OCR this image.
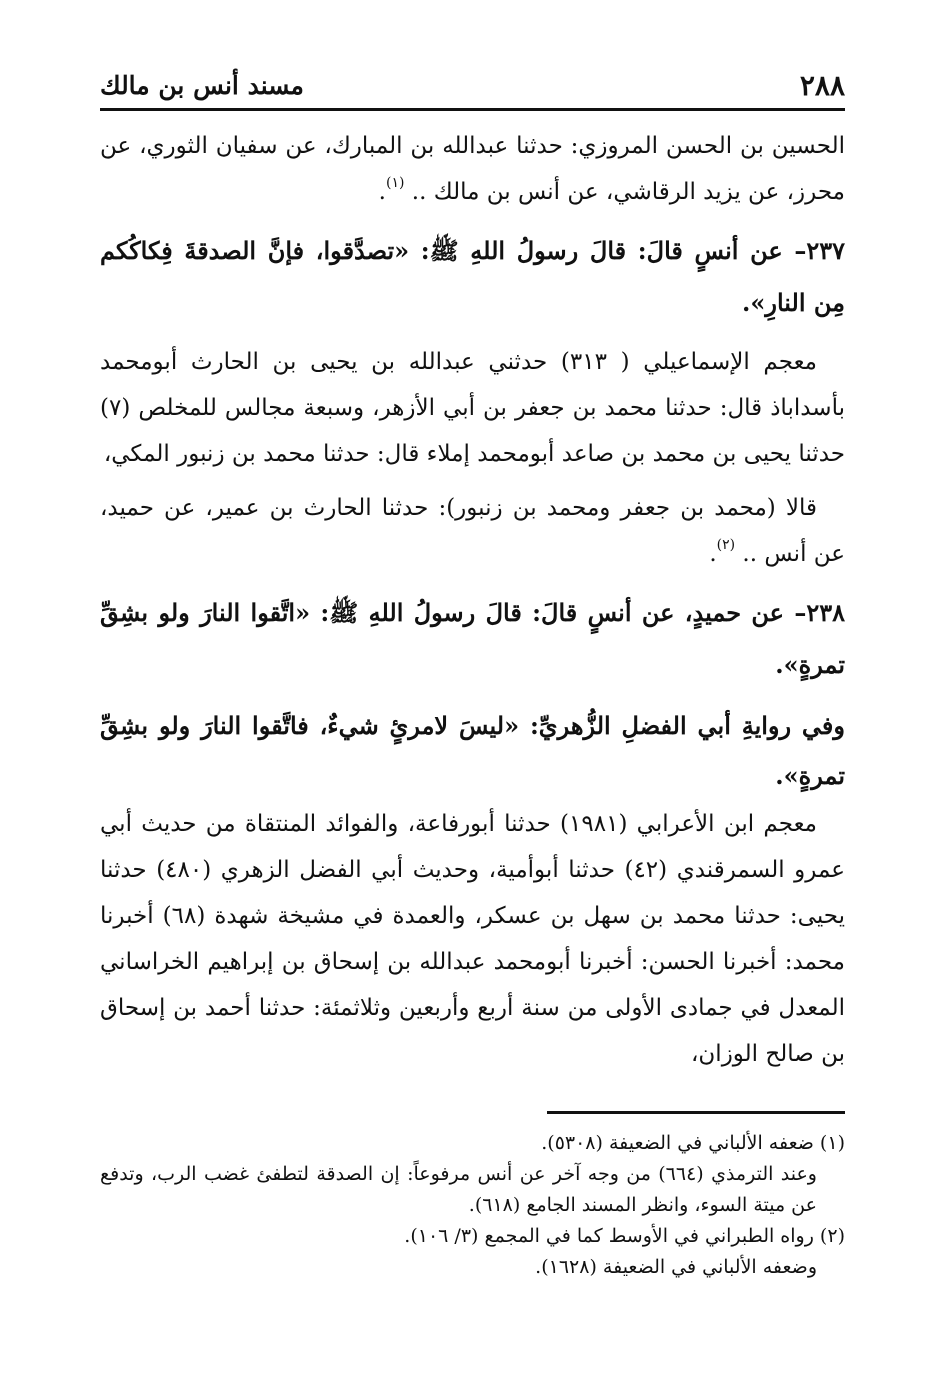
٢٨٨
مسند أنس بن مالك

الحسين بن الحسن المروزي: حدثنا عبدالله بن المبارك، عن سفيان الثوري، عن محرز، عن يزيد الرقاشي، عن أنس بن مالك .. $^{(١)}$.

٢٣٧– عن أنسٍ قالَ: قالَ رسولُ اللهِ ﷺ: «تصدَّقوا، فإنَّ الصدقةَ فِكاكُكم مِن النارِ».

معجم الإسماعيلي ( ٣١٣) حدثني عبدالله بن يحيى بن الحارث أبومحمد بأسداباذ قال: حدثنا محمد بن جعفر بن أبي الأزهر، وسبعة مجالس للمخلص (٧) حدثنا يحيى بن محمد بن صاعد أبومحمد إملاء قال: حدثنا محمد بن زنبور المكي،

قالا (محمد بن جعفر ومحمد بن زنبور): حدثنا الحارث بن عمير، عن حميد، عن أنس .. $^{(٢)}$.

٢٣٨– عن حميدٍ، عن أنسٍ قالَ: قالَ رسولُ اللهِ ﷺ: «اتَّقوا النارَ ولو بشِقِّ تمرةٍ».

وفي روايةِ أبي الفضلِ الزُّهريِّ: «ليسَ لامرئٍ شيءٌ، فاتَّقوا النارَ ولو بشِقِّ تمرةٍ».

معجم ابن الأعرابي (١٩٨١) حدثنا أبورفاعة، والفوائد المنتقاة من حديث أبي عمرو السمرقندي (٤٢) حدثنا أبوأمية، وحديث أبي الفضل الزهري (٤٨٠) حدثنا يحيى: حدثنا محمد بن سهل بن عسكر، والعمدة في مشيخة شهدة (٦٨) أخبرنا محمد: أخبرنا الحسن: أخبرنا أبومحمد عبدالله بن إسحاق بن إبراهيم الخراساني المعدل في جمادى الأولى من سنة أربع وأربعين وثلاثمئة: حدثنا أحمد بن إسحاق بن صالح الوزان،

(١) ضعفه الألباني في الضعيفة (٥٣٠٨).

وعند الترمذي (٦٦٤) من وجه آخر عن أنس مرفوعاً: إن الصدقة لتطفئ غضب الرب، وتدفع عن ميتة السوء، وانظر المسند الجامع (٦١٨).

(٢) رواه الطبراني في الأوسط كما في المجمع (٣/ ١٠٦).

وضعفه الألباني في الضعيفة (١٦٢٨).
